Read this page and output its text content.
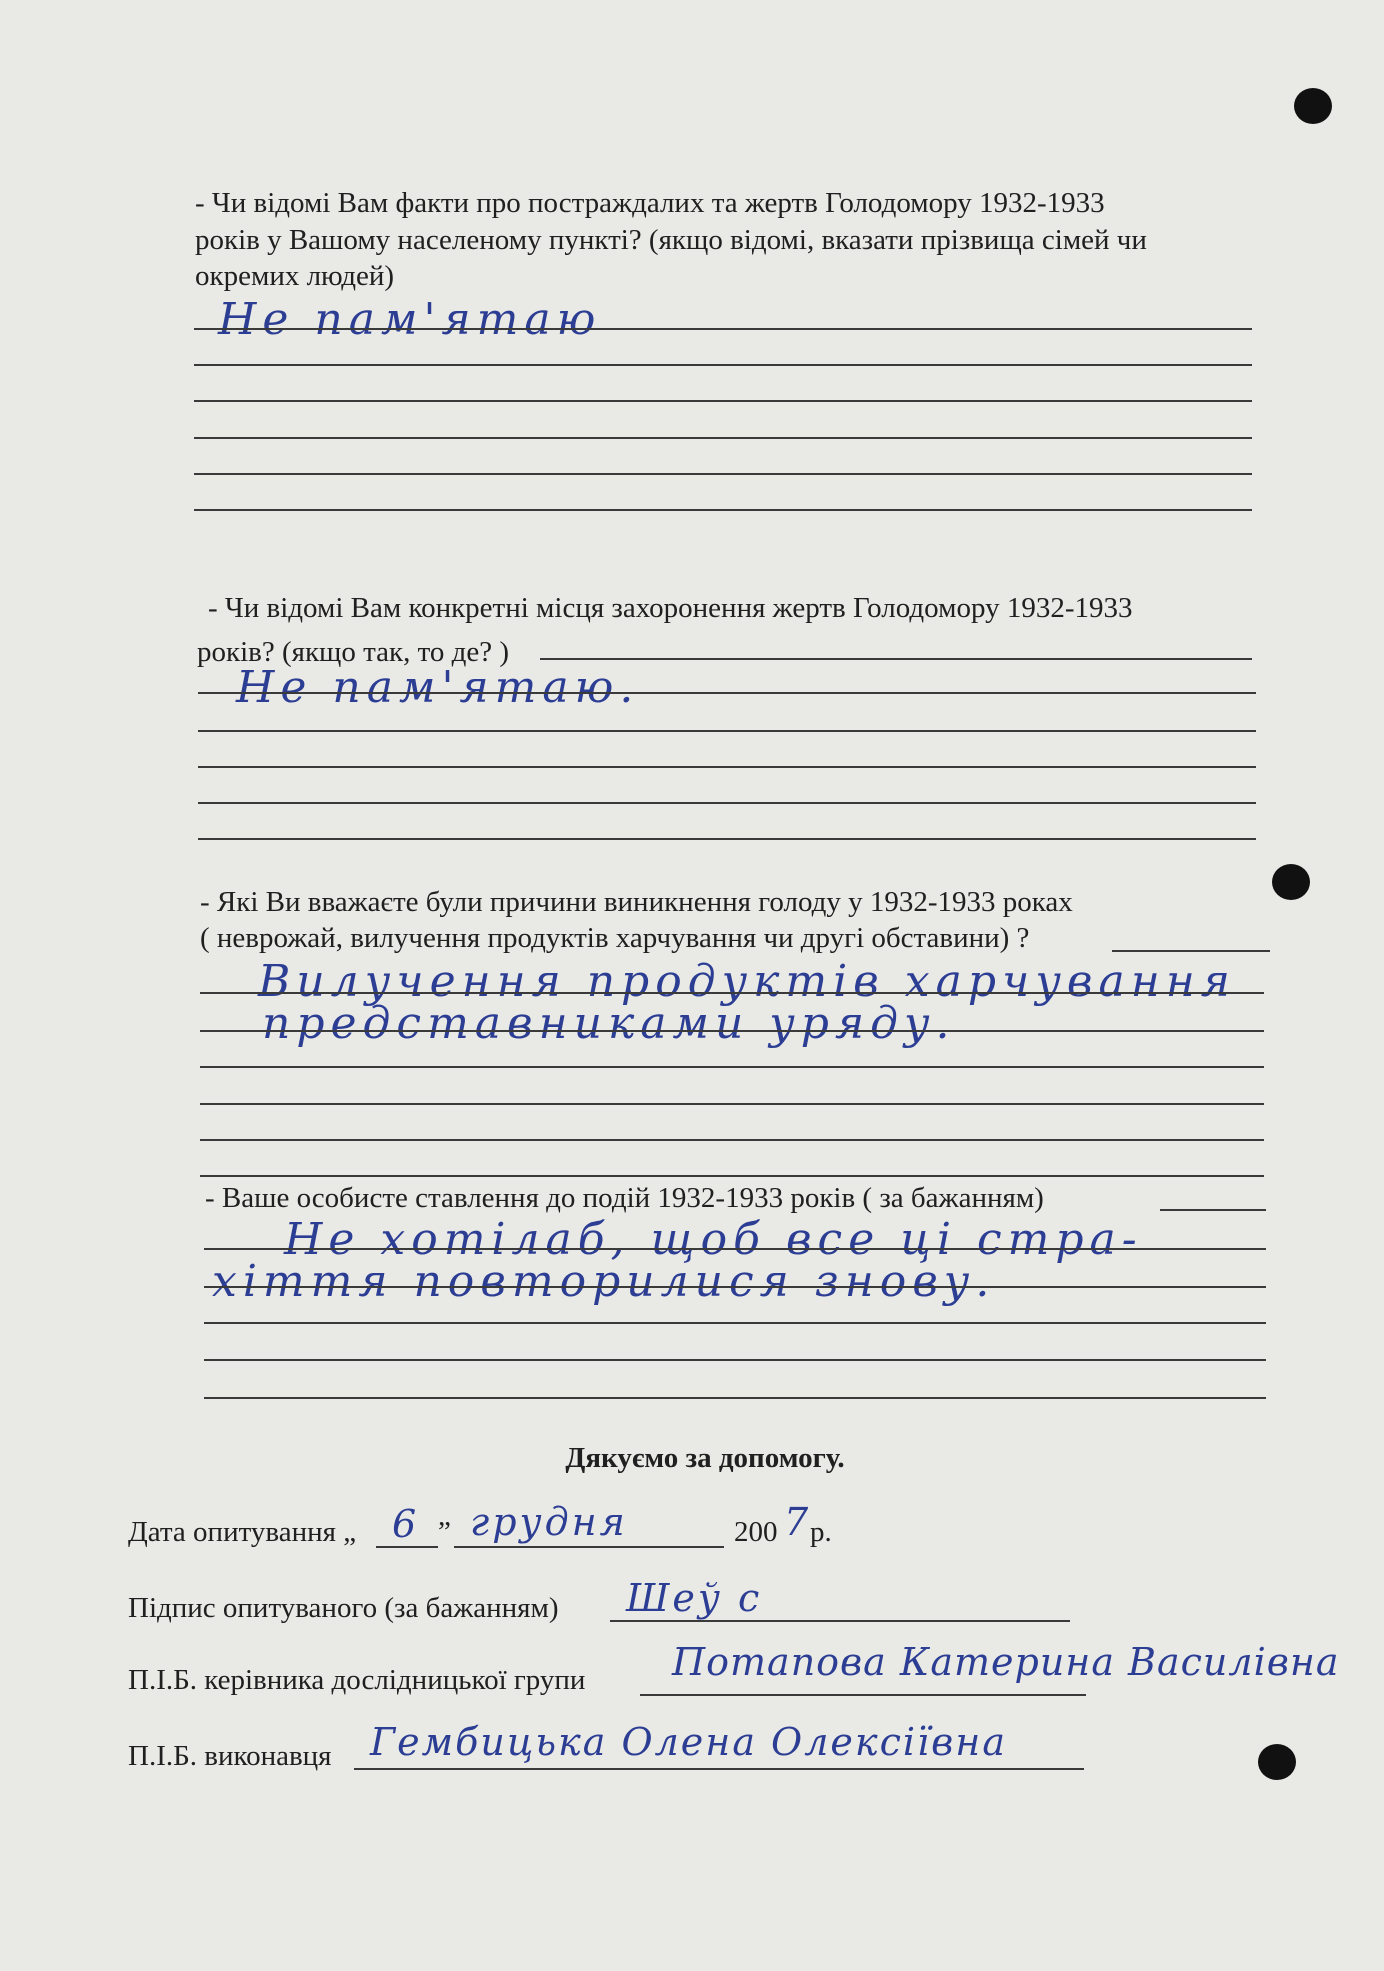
- Чи відомі Вам факти про постраждалих та жертв Голодомору 1932-1933
років у Вашому населеному пункті? (якщо відомі, вказати прізвища сімей чи
окремих людей)
Не пам'ятаю
- Чи відомі Вам конкретні місця захоронення жертв Голодомору 1932-1933
років? (якщо так, то де? )
Не пам'ятаю.
- Які Ви вважаєте були причини виникнення голоду у 1932-1933 роках
( неврожай, вилучення продуктів харчування чи другі обставини) ?
Вилучення продуктів харчування
представниками уряду.
- Ваше особисте ставлення до подій 1932-1933 років ( за бажанням)
Не хотілаб, щоб все ці стра-
хіття повторилися знову.
Дякуємо за допомогу.
Дата опитування „ 6 ” грудня	200 7
р.
Підпис опитуваного (за бажанням) Шеў с
П.І.Б. керівника дослідницької групи Потапова Катерина Василівна
П.І.Б. виконавця Гембицька Олена Олексіївна
